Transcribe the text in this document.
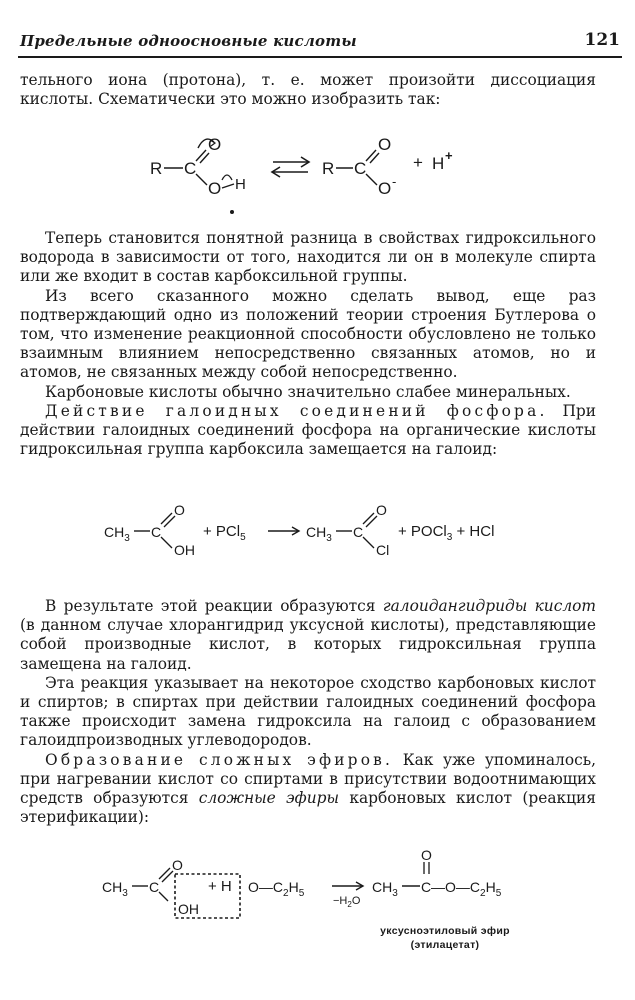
Предельные одноосновные кислоты	121

тельного иона (протона), т. е. может произойти диссоциация

кислоты. Схематически это можно изобразить так:

R C
O
O H
R C
O
O -
+ H +

Теперь становится понятной разница в свойствах гидроксильного водорода в зависимости от того, находится ли он в молекуле спирта или же входит в состав карбоксильной группы.

Из всего сказанного можно сделать вывод, еще раз подтверждающий одно из положений теории строения Бутлерова о том, что изменение реакционной способности обусловлено не только взаимным влиянием непосредственно связанных атомов, но и атомов, не связанных между собой непосредственно.

Карбоновые кислоты обычно значительно слабее минеральных.

Действие галоидных соединений фосфора. При действии галоидных соединений фосфора на органические кислоты гидроксильная группа карбоксила замещается на галоид:

$CH_3$ C
O
OH
+ PCl$_5$	$CH_3$ C
O
Cl
+ POCl$_3$ + HCl

В результате этой реакции образуются галоидангидриды кислот (в данном случае хлорангидрид уксусной кислоты), представляющие собой производные кислот, в которых гидроксильная группа замещена на галоид.

Эта реакция указывает на некоторое сходство карбоновых кислот и спиртов; в спиртах при действии галоидных соединений фосфора также происходит замена гидроксила на галоид с образованием галоидпроизводных углеводородов.

Образование сложных эфиров. Как уже упоминалось, при нагревании кислот со спиртами в присутствии водоотнимающих средств образуются сложные эфиры карбоновых кислот (реакция этерификации):

$CH_3$ C
O
OH
+ H $O—C_2H_5$
$-H_2O$
$CH_3$ C
O
$—O—C_2H_5$
уксусноэтиловый эфир
(этилацетат)
